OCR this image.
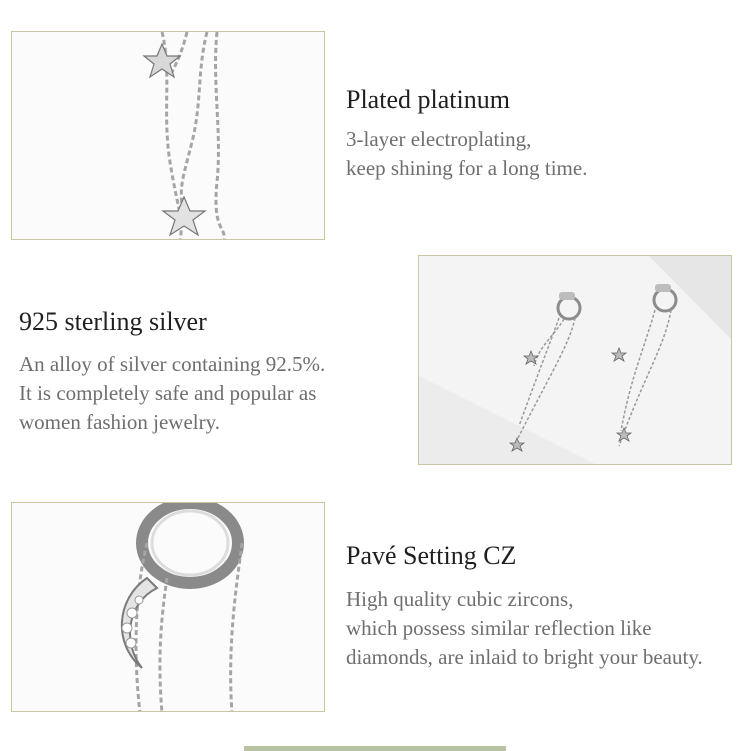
Plated platinum
3-layer electroplating,
keep shining for a long time.
925 sterling silver
An alloy of silver containing 92.5%.
It is completely safe and popular as
women fashion jewelry.
Pavé Setting CZ
High quality cubic zircons,
which possess similar reflection like
diamonds, are inlaid to bright your beauty.
